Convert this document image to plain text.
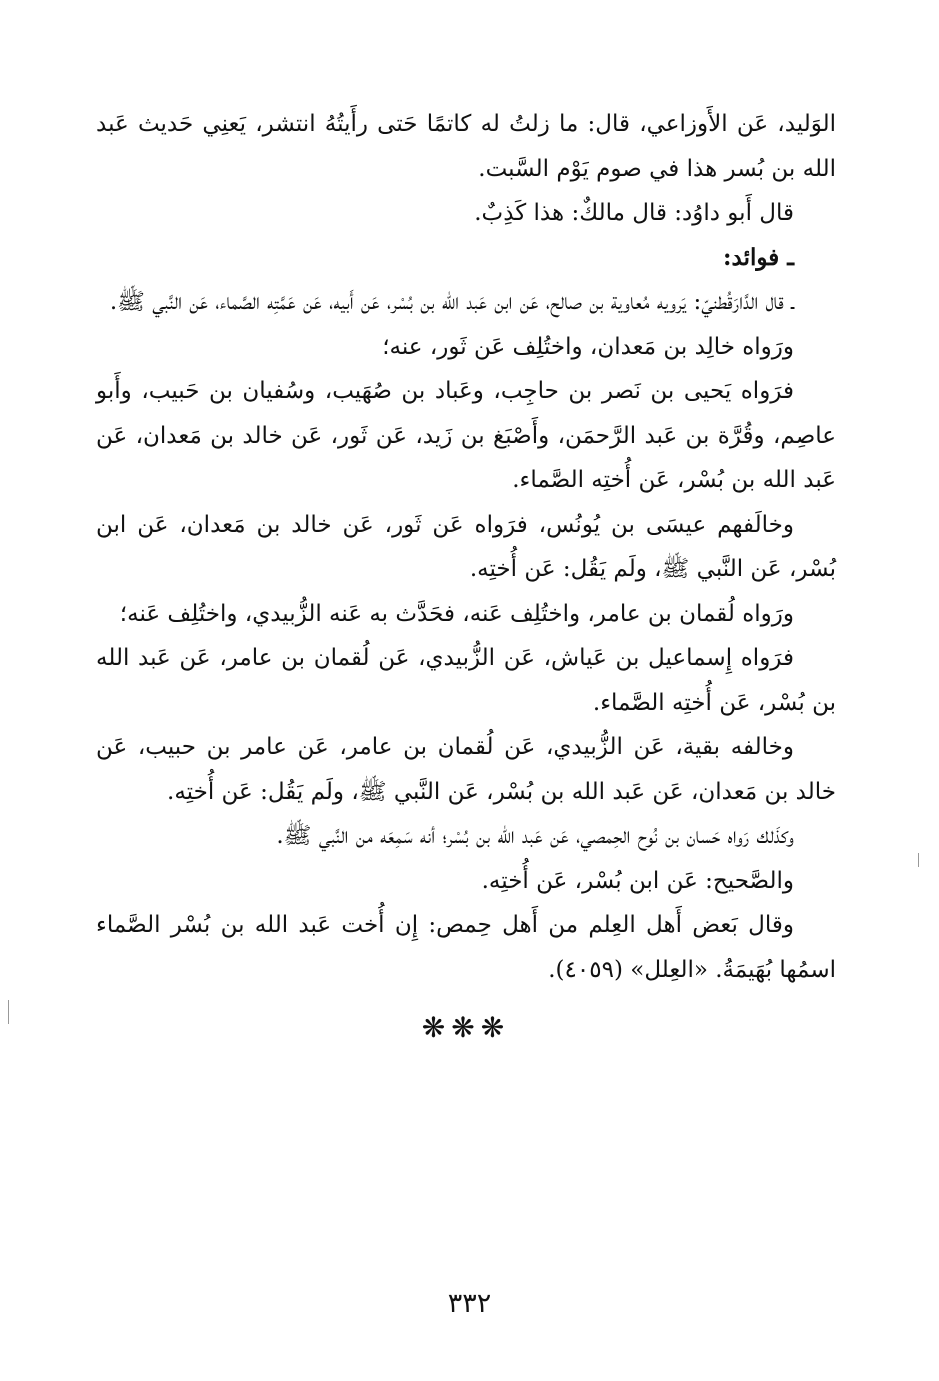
الوَليد، عَن الأَوزاعي، قال: ما زلتُ له كاتمًا حَتى رأَيتُهُ انتشر، يَعنِي حَديث عَبد الله بن بُسر هذا في صوم يَوْم السَّبت.

قال أَبو داوُد: قال مالكٌ: هذا كَذِبٌ.

ـ فوائد:

ـ قال الدَّارَقُطنيّ: يَرويه مُعاوية بن صالح، عَن ابن عَبد الله بن بُسْر، عَن أَبيه، عَن عَمَّتِه الصَّماء، عَن النَّبي ﷺ.

ورَواه خالِد بن مَعدان، واختُلِف عَن ثَور، عنه؛

فرَواه يَحيى بن نَصر بن حاجِب، وعَباد بن صُهَيب، وسُفيان بن حَبيب، وأَبو عاصِم، وقُرَّة بن عَبد الرَّحمَن، وأَصْبَغ بن زَيد، عَن ثَور، عَن خالد بن مَعدان، عَن عَبد الله بن بُسْر، عَن أُختِه الصَّماء.

وخالَفهم عيسَى بن يُونُس، فرَواه عَن ثَور، عَن خالد بن مَعدان، عَن ابن بُسْر، عَن النَّبي ﷺ، ولَم يَقُل: عَن أُختِه.

ورَواه لُقمان بن عامر، واختُلِف عَنه، فحَدَّث به عَنه الزُّبيدي، واختُلِف عَنه؛

فرَواه إِسماعيل بن عَياش، عَن الزُّبيدي، عَن لُقمان بن عامر، عَن عَبد الله بن بُسْر، عَن أُختِه الصَّماء.

وخالفه بقية، عَن الزُّبيدي، عَن لُقمان بن عامر، عَن عامر بن حبيب، عَن خالد بن مَعدان، عَن عَبد الله بن بُسْر، عَن النَّبي ﷺ، ولَم يَقُل: عَن أُختِه.

وكذَلك رَواه حَسان بن نُوح الحِمصي، عَن عَبد الله بن بُسْر؛ أنه سَمِعَه من النَّبي ﷺ.

والصَّحيح: عَن ابن بُسْر، عَن أُختِه.

وقال بَعض أَهل العِلم من أَهل حِمص: إِن أُخت عَبد الله بن بُسْر الصَّماء اسمُها بُهَيمَةُ. «العِلل» (٤٠٥٩).

❋❋❋
٣٣٢
